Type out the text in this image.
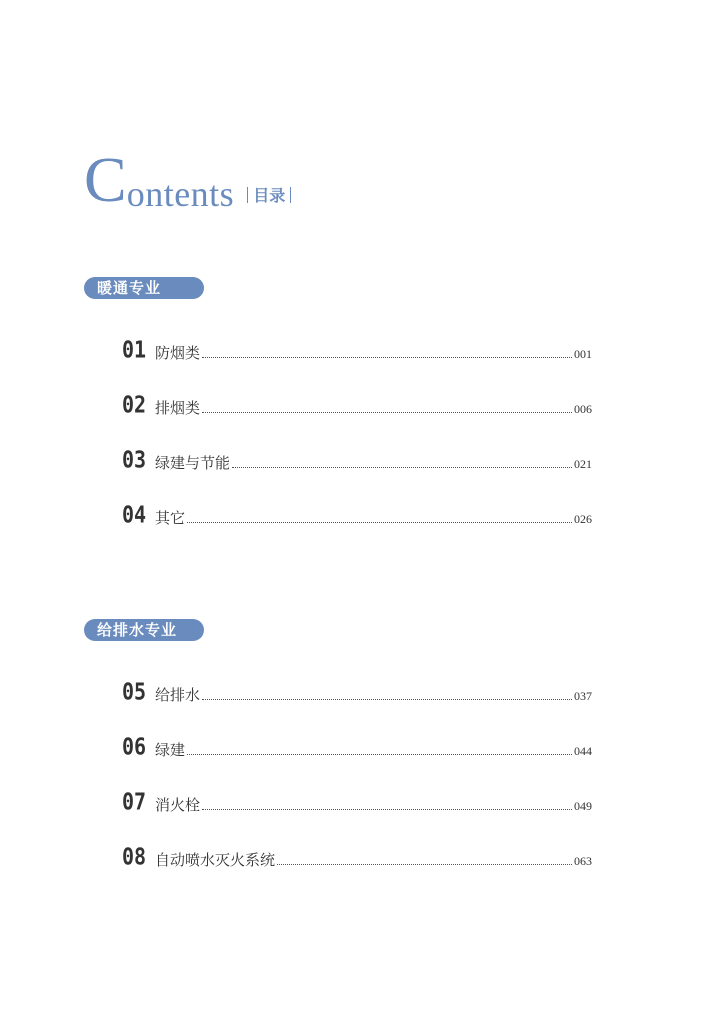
C ontents 目录
暖通专业
01 防烟类	001
02 排烟类	006
03 绿建与节能	021
04 其它	026
给排水专业
05 给排水	037
06 绿建	044
07 消火栓	049
08 自动喷水灭火系统	063
